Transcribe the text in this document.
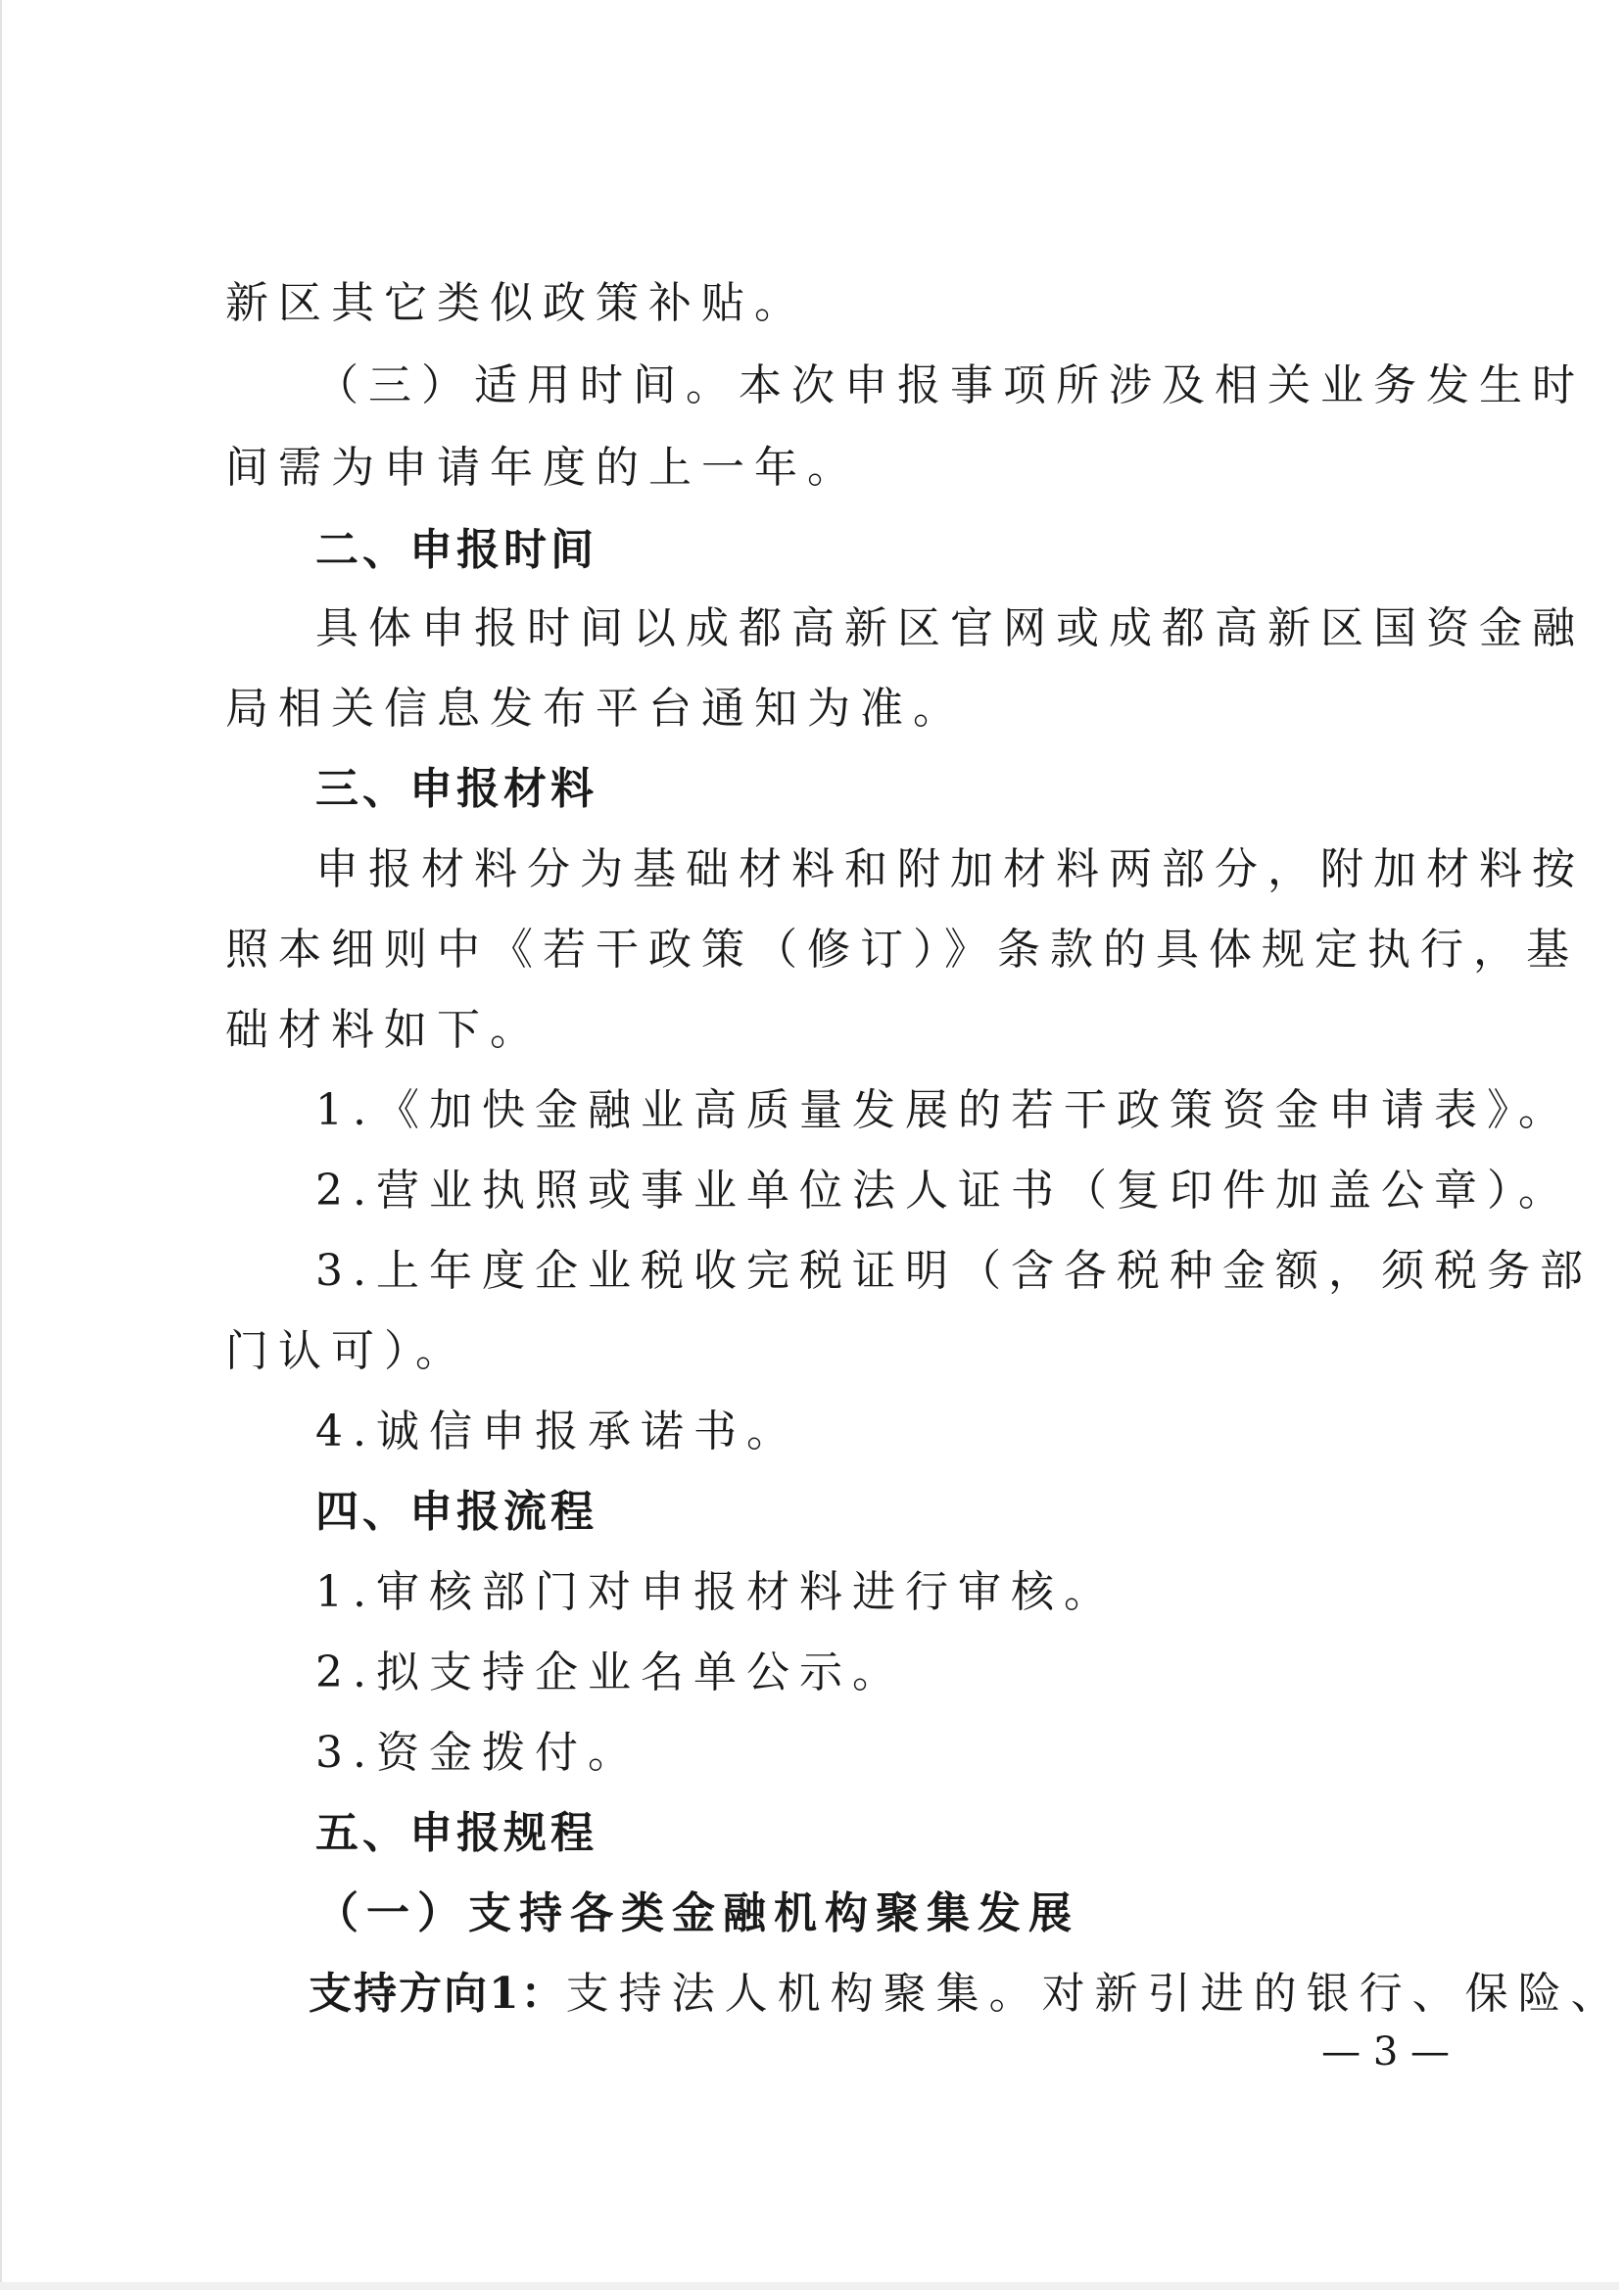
新区其它类似政策补贴。
（三）适用时间。本次申报事项所涉及相关业务发生时
间需为申请年度的上一年。
二、申报时间
具体申报时间以成都高新区官网或成都高新区国资金融
局相关信息发布平台通知为准。
三、申报材料
申报材料分为基础材料和附加材料两部分，附加材料按
照本细则中《若干政策（修订）》条款的具体规定执行，基
础材料如下。
1.《加快金融业高质量发展的若干政策资金申请表》。
2.营业执照或事业单位法人证书（复印件加盖公章）。
3.上年度企业税收完税证明（含各税种金额，须税务部
门认可）。
4.诚信申报承诺书。
四、申报流程
1.审核部门对申报材料进行审核。
2.拟支持企业名单公示。
3.资金拨付。
五、申报规程
（一）支持各类金融机构聚集发展
支持方向1：支持法人机构聚集。对新引进的银行、保险、
— 3 —
